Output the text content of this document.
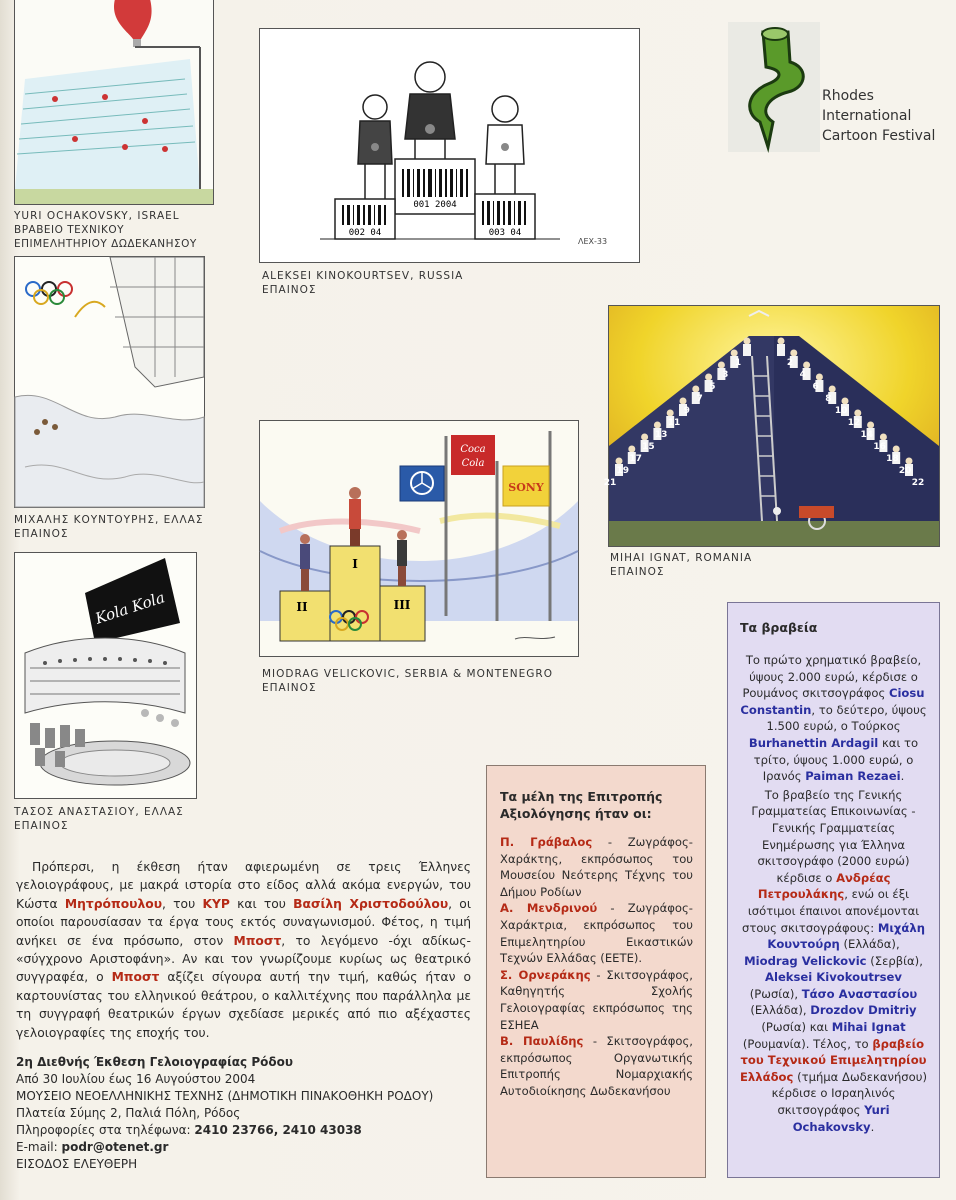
YURI OCHAKOVSKY, ISRAEL
ΒΡΑΒΕΙΟ ΤΕΧΝΙΚΟΥ
ΕΠΙΜΕΛΗΤΗΡΙΟΥ ΔΩΔΕΚΑΝΗΣΟΥ
001 2004
002 04	003 04
ΛΕΧ-33
ALEKSEI KINOKOURTSEV, RUSSIA
ΕΠΑΙΝΟΣ
Rhodes
International
Cartoon Festival
ΜΙΧΑΛΗΣ ΚΟΥΝΤΟΥΡΗΣ, ΕΛΛΑΣ
ΕΠΑΙΝΟΣ
1
3
5
7
9
11
13
15
17
19
21
2
4
6
8
10
12
14
16
18
20
22
MIHAI IGNAT, ROMANIA
ΕΠΑΙΝΟΣ
Coca
Cola
SONY
I
II	III
MIODRAG VELICKOVIC, SERBIA & MONTENEGRO
ΕΠΑΙΝΟΣ
Kola Kola
ΤΑΣΟΣ ΑΝΑΣΤΑΣΙΟΥ, ΕΛΛΑΣ
ΕΠΑΙΝΟΣ

Πρόπερσι, η έκθεση ήταν αφιερωμένη σε τρεις Έλληνες γελοιογράφους, με μακρά ιστορία στο είδος αλλά ακόμα ενεργών, του Κώστα Μητρόπουλου, του ΚΥΡ και του Βασίλη Χριστοδούλου, οι οποίοι παρουσίασαν τα έργα τους εκτός συναγωνισμού. Φέτος, η τιμή ανήκει σε ένα πρόσωπο, στον Μποστ, το λεγόμενο -όχι αδίκως- «σύγχρονο Αριστοφάνη». Αν και τον γνωρίζουμε κυρίως ως θεατρικό συγγραφέα, ο Μποστ αξίζει σίγουρα αυτή την τιμή, καθώς ήταν ο καρτουνίστας του ελληνικού θεάτρου, ο καλλιτέχνης που παράλληλα με τη συγγραφή θεατρικών έργων σχεδίασε μερικές από πιο αξέχαστες γελοιογραφίες της εποχής του.

2η Διεθνής Έκθεση Γελοιογραφίας Ρόδου
Από 30 Ιουλίου έως 16 Αυγούστου 2004
ΜΟΥΣΕΙΟ ΝΕΟΕΛΛΗΝΙΚΗΣ ΤΕΧΝΗΣ (ΔΗΜΟΤΙΚΗ ΠΙΝΑΚΟΘΗΚΗ ΡΟΔΟΥ)
Πλατεία Σύμης 2, Παλιά Πόλη, Ρόδος
Πληροφορίες στα τηλέφωνα: 2410 23766, 2410 43038
E-mail: podr@otenet.gr
ΕΙΣΟΔΟΣ ΕΛΕΥΘΕΡΗ

Τα μέλη της Επιτροπής Αξιολόγησης ήταν οι:

Π. Γράβαλος - Ζωγράφος-Χαράκτης, εκπρόσωπος του Μουσείου Νεότερης Τέχνης του Δήμου Ροδίων

Α. Μενδρινού - Ζωγράφος-Χαράκτρια, εκπρόσωπος του Επιμελητηρίου Εικαστικών Τεχνών Ελλάδας (ΕΕΤΕ).

Σ. Ορνεράκης - Σκιτσογράφος, Καθηγητής Σχολής Γελοιογραφίας εκπρόσωπος της ΕΣΗΕΑ

Β. Παυλίδης - Σκιτσογράφος, εκπρόσωπος Οργανωτικής Επιτροπής Νομαρχιακής Αυτοδιοίκησης Δωδεκανήσου

Τα βραβεία

Το πρώτο χρηματικό βραβείο, ύψους 2.000 ευρώ, κέρδισε ο Ρουμάνος σκιτσογράφος Ciosu Constantin, το δεύτερο, ύψους 1.500 ευρώ, ο Τούρκος Burhanettin Ardagil και το τρίτο, ύψους 1.000 ευρώ, ο Ιρανός Paiman Rezaei.

Το βραβείο της Γενικής Γραμματείας Επικοινωνίας - Γενικής Γραμματείας Ενημέρωσης για Έλληνα σκιτσογράφο (2000 ευρώ) κέρδισε ο Ανδρέας Πετρουλάκης, ενώ οι έξι ισότιμοι έπαινοι απονέμονται στους σκιτσογράφους: Μιχάλη Κουντούρη (Ελλάδα), Miodrag Velickovic (Σερβία), Aleksei Kivokoutrsev (Ρωσία), Τάσο Αναστασίου (Ελλάδα), Drozdov Dmitriy (Ρωσία) και Mihai Ignat (Ρουμανία). Τέλος, το βραβείο του Τεχνικού Επιμελητηρίου Ελλάδος (τμήμα Δωδεκανήσου) κέρδισε ο Ισραηλινός σκιτσογράφος Yuri Ochakovsky.
